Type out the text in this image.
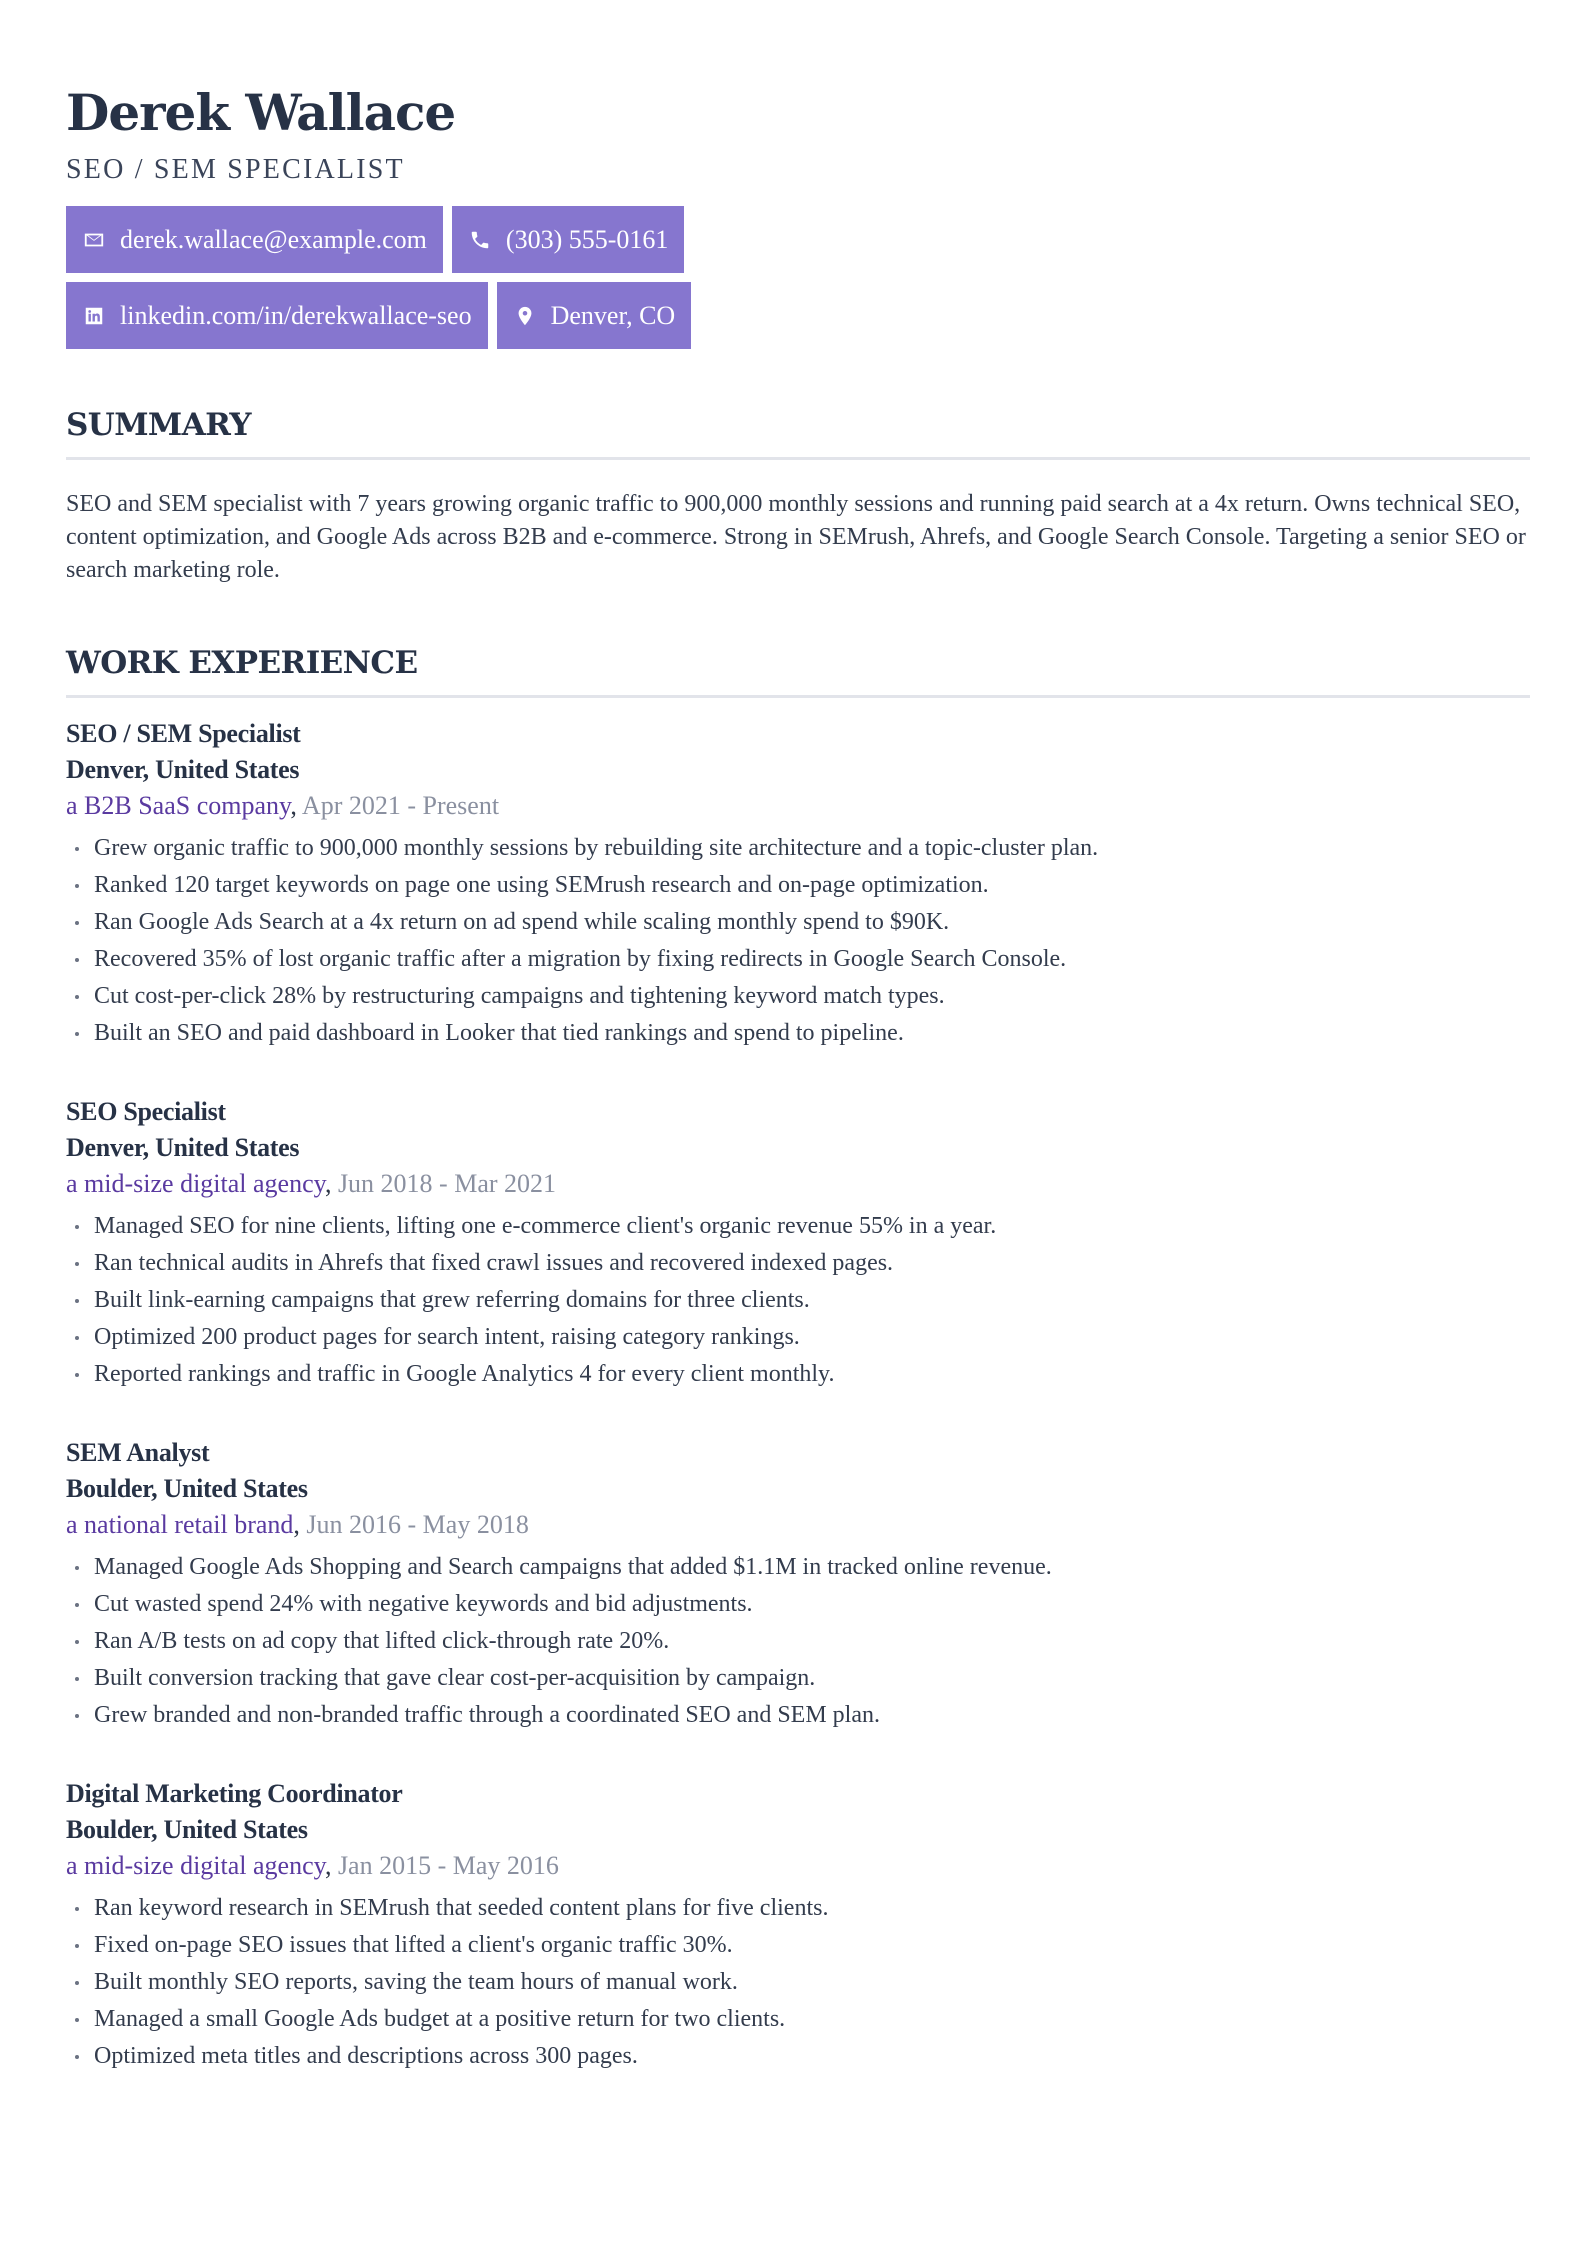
Derek Wallace
SEO / SEM SPECIALIST
derek.wallace@example.com	(303) 555-0161
linkedin.com/in/derekwallace-seo	Denver, CO
SUMMARY

SEO and SEM specialist with 7 years growing organic traffic to 900,000 monthly sessions and running paid search at a 4x return. Owns technical SEO, content optimization, and Google Ads across B2B and e-commerce. Strong in SEMrush, Ahrefs, and Google Search Console. Targeting a senior SEO or search marketing role.

WORK EXPERIENCE
SEO / SEM Specialist
Denver, United States
a B2B SaaS company, Apr 2021 - Present
Grew organic traffic to 900,000 monthly sessions by rebuilding site architecture and a topic-cluster plan.
Ranked 120 target keywords on page one using SEMrush research and on-page optimization.
Ran Google Ads Search at a 4x return on ad spend while scaling monthly spend to $90K.
Recovered 35% of lost organic traffic after a migration by fixing redirects in Google Search Console.
Cut cost-per-click 28% by restructuring campaigns and tightening keyword match types.
Built an SEO and paid dashboard in Looker that tied rankings and spend to pipeline.
SEO Specialist
Denver, United States
a mid-size digital agency, Jun 2018 - Mar 2021
Managed SEO for nine clients, lifting one e-commerce client's organic revenue 55% in a year.
Ran technical audits in Ahrefs that fixed crawl issues and recovered indexed pages.
Built link-earning campaigns that grew referring domains for three clients.
Optimized 200 product pages for search intent, raising category rankings.
Reported rankings and traffic in Google Analytics 4 for every client monthly.
SEM Analyst
Boulder, United States
a national retail brand, Jun 2016 - May 2018
Managed Google Ads Shopping and Search campaigns that added $1.1M in tracked online revenue.
Cut wasted spend 24% with negative keywords and bid adjustments.
Ran A/B tests on ad copy that lifted click-through rate 20%.
Built conversion tracking that gave clear cost-per-acquisition by campaign.
Grew branded and non-branded traffic through a coordinated SEO and SEM plan.
Digital Marketing Coordinator
Boulder, United States
a mid-size digital agency, Jan 2015 - May 2016
Ran keyword research in SEMrush that seeded content plans for five clients.
Fixed on-page SEO issues that lifted a client's organic traffic 30%.
Built monthly SEO reports, saving the team hours of manual work.
Managed a small Google Ads budget at a positive return for two clients.
Optimized meta titles and descriptions across 300 pages.
